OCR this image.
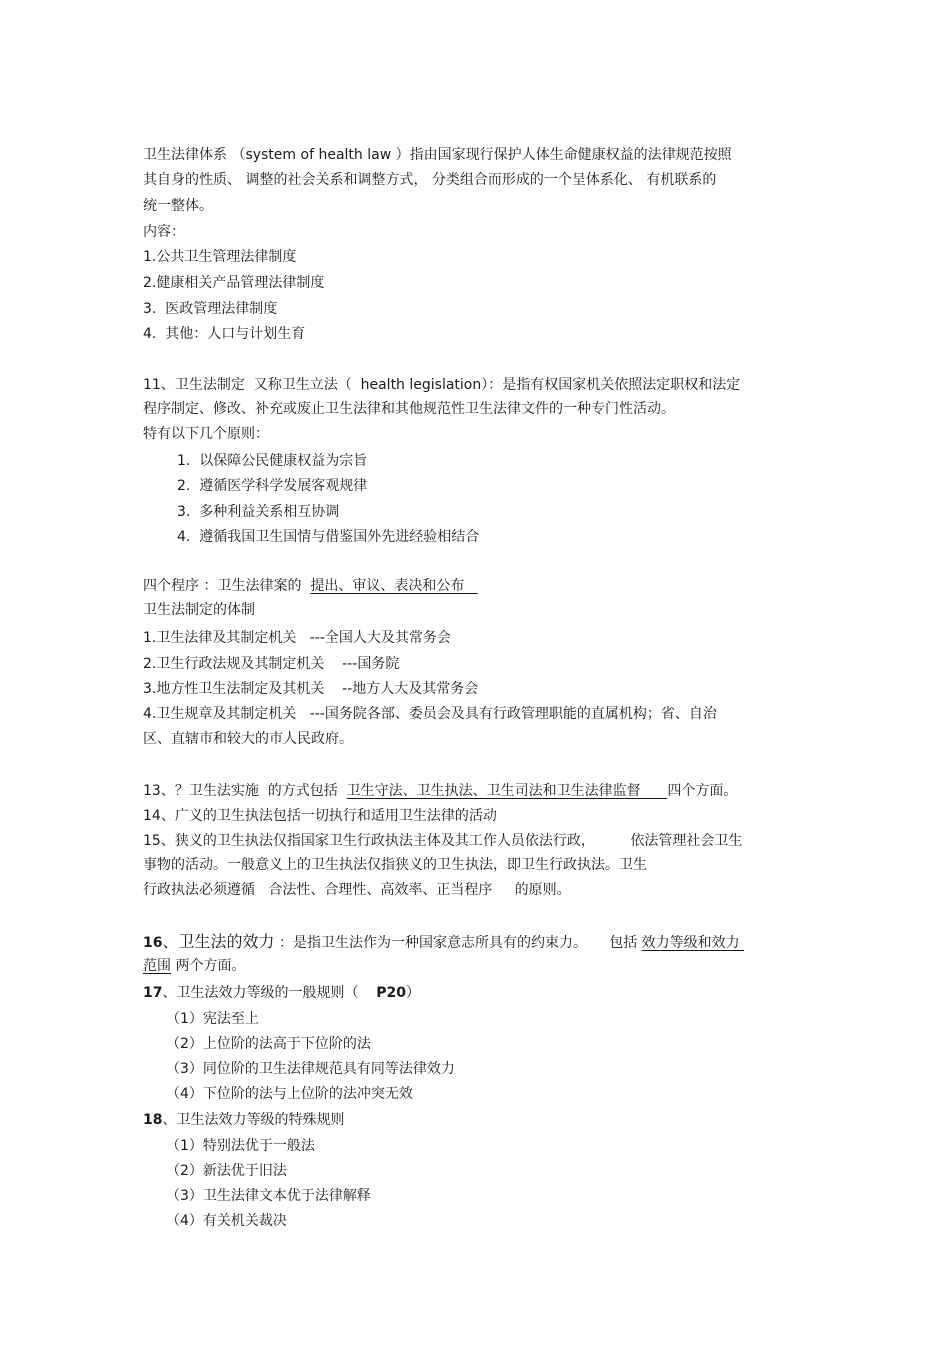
卫生法律体系 （system of health law ）指由国家现行保护人体生命健康权益的法律规范按照
其自身的性质、 调整的社会关系和调整方式， 分类组合而形成的一个呈体系化、 有机联系的
统一整体。
内容：
1.公共卫生管理法律制度
2.健康相关产品管理法律制度
3.  医政管理法律制度
4.  其他：人口与计划生育
11、卫生法制定  又称卫生立法（  health legislation）：是指有权国家机关依照法定职权和法定
程序制定、修改、补充或废止卫生法律和其他规范性卫生法律文件的一种专门性活动。
特有以下几个原则：
1.  以保障公民健康权益为宗旨
2.  遵循医学科学发展客观规律
3.  多种利益关系相互协调
4.  遵循我国卫生国情与借鉴国外先进经验相结合
四个程序 ：卫生法律案的  提出、审议、表决和公布
卫生法制定的体制
1.卫生法律及其制定机关   ---全国人大及其常务会
2.卫生行政法规及其制定机关    ---国务院
3.地方性卫生法制定及其机关    --地方人大及其常务会
4.卫生规章及其制定机关   ---国务院各部、委员会及具有行政管理职能的直属机构；省、自治
区、直辖市和较大的市人民政府。
13、？卫生法实施  的方式包括  卫生守法、卫生执法、卫生司法和卫生法律监督      四个方面。
14、广义的卫生执法包括一切执行和适用卫生法律的活动
15、狭义的卫生执法仅指国家卫生行政执法主体及其工作人员依法行政，        依法管理社会卫生
事物的活动。一般意义上的卫生执法仅指狭义的卫生执法，即卫生行政执法。卫生
行政执法必须遵循   合法性、合理性、高效率、正当程序     的原则。
16、卫生法的效力 ：是指卫生法作为一种国家意志所具有的约束力。     包括 效力等级和效力
范围 两个方面。
17、卫生法效力等级的一般规则（    P20）
（1）宪法至上
（2）上位阶的法高于下位阶的法
（3）同位阶的卫生法律规范具有同等法律效力
（4）下位阶的法与上位阶的法冲突无效
18、卫生法效力等级的特殊规则
（1）特别法优于一般法
（2）新法优于旧法
（3）卫生法律文本优于法律解释
（4）有关机关裁决
